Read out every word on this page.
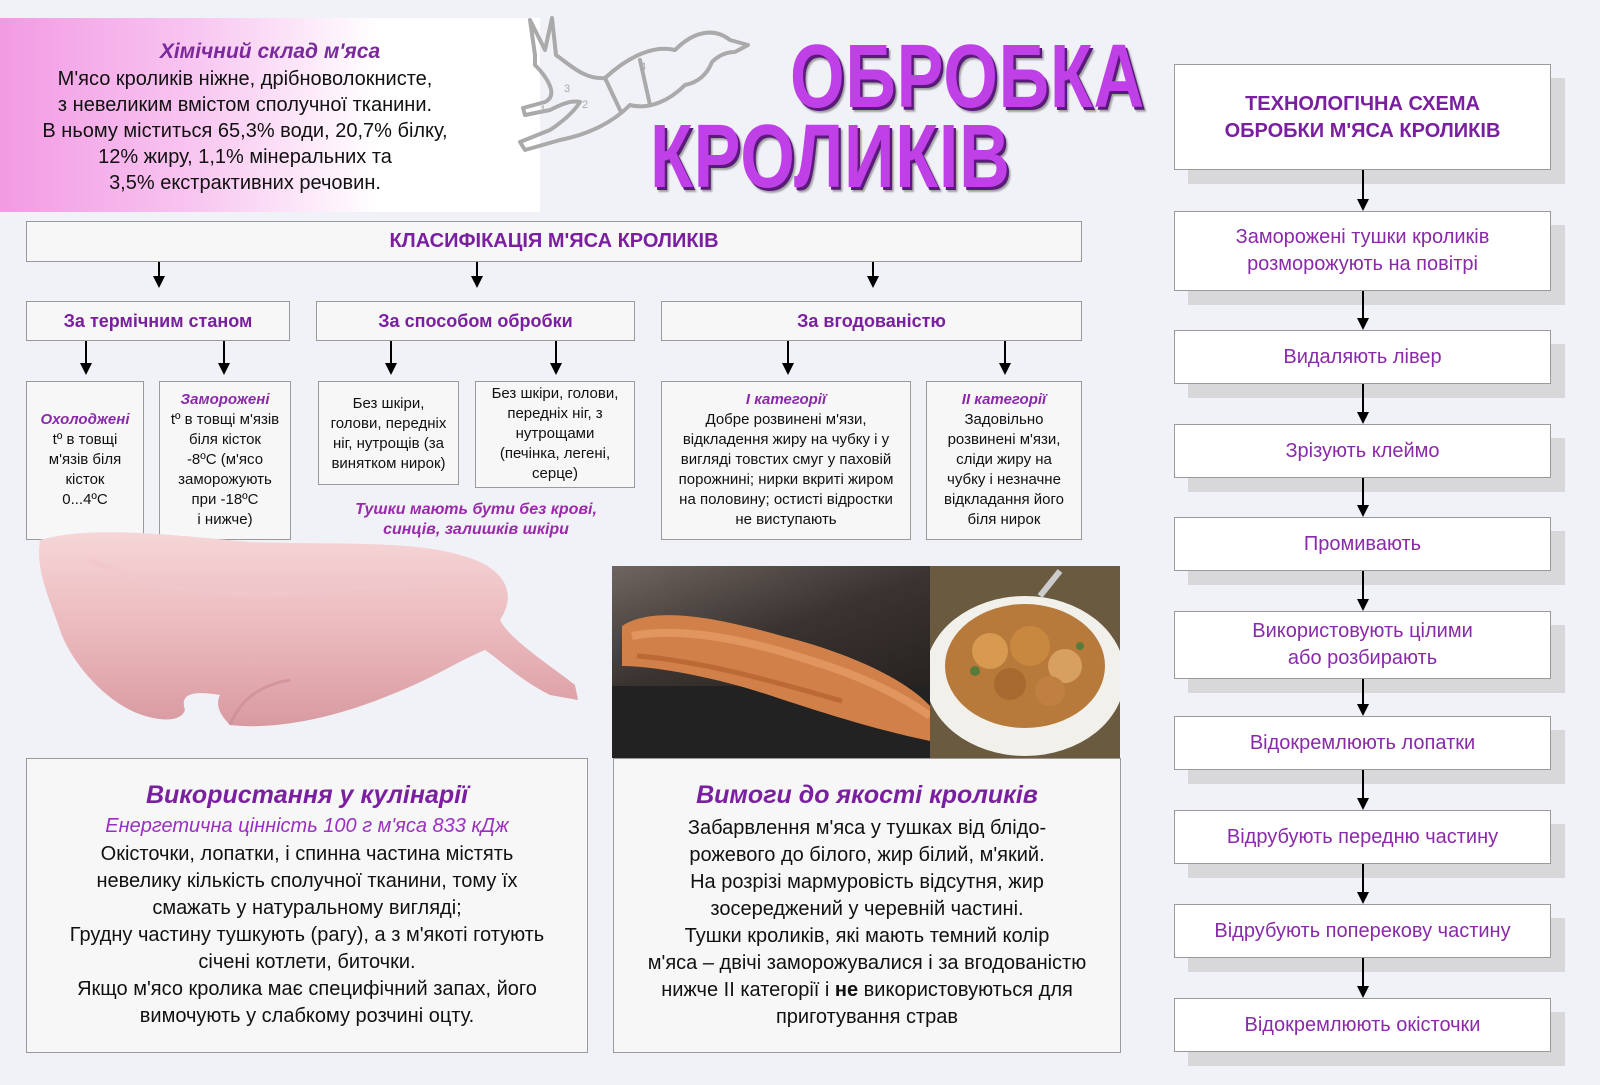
Хімічний склад м'яса
М'ясо кроликів ніжне, дрібноволокнисте,
з невеликим вмістом сполучної тканини.
В ньому міститься 65,3% води, 20,7% білку,
12% жиру, 1,1% мінеральних та
3,5% екстрактивних речовин.
1	2
3
4 ОБРОБКА
КРОЛИКІВ
КЛАСИФІКАЦІЯ М'ЯСА КРОЛИКІВ
За термічним станом	За способом обробки	За вгодованістю
Охолоджені
tº в товщі
м'язів біля
кісток
0...4ºС
Заморожені
tº в товщі м'язів
біля кісток
-8ºС (м'ясо
заморожують
при -18ºС
і нижче)
Без шкіри,
голови, передніх
ніг, нутрощів (за
винятком нирок)
Без шкіри, голови,
передніх ніг, з
нутрощами
(печінка, легені,
серце)
Тушки мають бути без крові,
синців, залишків шкіри
І категорії
Добре розвинені м'язи,
відкладення жиру на чубку і у
вигляді товстих смуг у паховій
порожнині; нирки вкриті жиром
на половину; остисті відростки
не виступають
ІІ категорії
Задовільно
розвинені м'язи,
сліди жиру на
чубку і незначне
відкладання його
біля нирок
Використання у кулінарії
Енергетична цінність 100 г м'яса 833 кДж
Окісточки, лопатки, і спинна частина містять
невелику кількість сполучної тканини, тому їх
смажать у натуральному вигляді;
Грудну частину тушкують (рагу), а з м'якоті готують
січені котлети, биточки.
Якщо м'ясо кролика має специфічний запах, його
вимочують у слабкому розчині оцту.
Вимоги до якості кроликів
Забарвлення м'яса у тушках від блідо-
рожевого до білого, жир білий, м'який.
На розрізі мармуровість відсутня, жир
зосереджений у черевній частині.
Тушки кроликів, які мають темний колір
м'яса – двічі заморожувалися і за вгодованістю
нижче ІІ категорії і не використовуються для
приготування страв
ТЕХНОЛОГІЧНА СХЕМА
ОБРОБКИ М'ЯСА КРОЛИКІВ
Заморожені тушки кроликів
розморожують на повітрі
Видаляють лівер
Зрізують клеймо
Промивають
Використовують цілими
або розбирають
Відокремлюють лопатки
Відрубують передню частину
Відрубують поперекову частину
Відокремлюють окісточки
